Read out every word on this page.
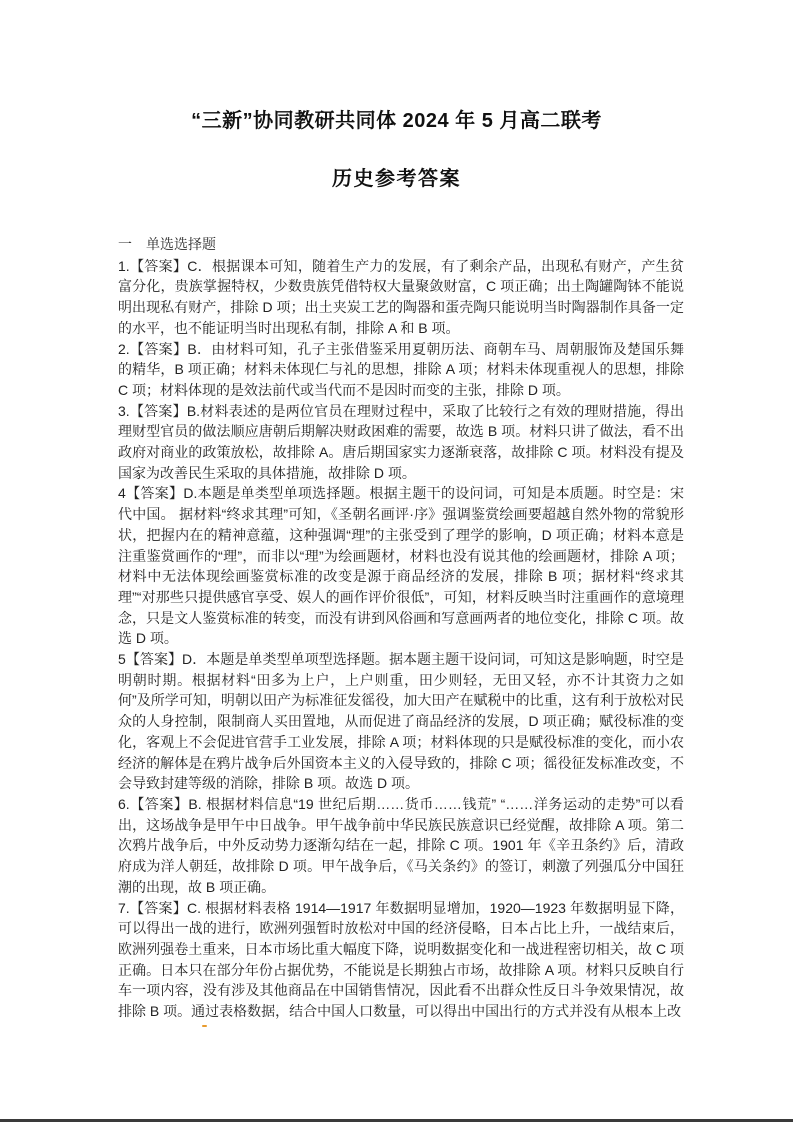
“三新”协同教研共同体 2024 年 5 月高二联考
历史参考答案
一　单选选择题

1.【答案】C．根据课本可知，随着生产力的发展，有了剩余产品，出现私有财产，产生贫富分化，贵族掌握特权，少数贵族凭借特权大量聚敛财富，C 项正确；出土陶罐陶钵不能说明出现私有财产，排除 D 项；出土夹炭工艺的陶器和蛋壳陶只能说明当时陶器制作具备一定的水平，也不能证明当时出现私有制，排除 A 和 B 项。

2.【答案】B．由材料可知，孔子主张借鉴采用夏朝历法、商朝车马、周朝服饰及楚国乐舞的精华，B 项正确；材料未体现仁与礼的思想，排除 A 项；材料未体现重视人的思想，排除 C 项；材料体现的是效法前代或当代而不是因时而变的主张，排除 D 项。

3.【答案】B.材料表述的是两位官员在理财过程中，采取了比较行之有效的理财措施，得出理财型官员的做法顺应唐朝后期解决财政困难的需要，故选 B 项。材料只讲了做法，看不出政府对商业的政策放松，故排除 A。唐后期国家实力逐渐衰落，故排除 C 项。材料没有提及国家为改善民生采取的具体措施，故排除 D 项。

4【答案】D.本题是单类型单项选择题。根据主题干的设问词，可知是本质题。时空是：宋代中国。 据材料“终求其理”可知，《圣朝名画评·序》强调鉴赏绘画要超越自然外物的常貌形状，把握内在的精神意蕴，这种强调“理”的主张受到了理学的影响，D 项正确；材料本意是注重鉴赏画作的“理”，而非以“理”为绘画题材，材料也没有说其他的绘画题材，排除 A 项；材料中无法体现绘画鉴赏标准的改变是源于商品经济的发展，排除 B 项；据材料“终求其理”“对那些只提供感官享受、娱人的画作评价很低”，可知，材料反映当时注重画作的意境理念，只是文人鉴赏标准的转变，而没有讲到风俗画和写意画两者的地位变化，排除 C 项。故选 D 项。

5【答案】D．本题是单类型单项型选择题。据本题主题干设问词，可知这是影响题，时空是明朝时期。根据材料“田多为上户，上户则重，田少则轻，无田又轻，亦不计其资力之如何”及所学可知，明朝以田产为标准征发徭役，加大田产在赋税中的比重，这有利于放松对民众的人身控制，限制商人买田置地，从而促进了商品经济的发展，D 项正确；赋役标准的变化，客观上不会促进官营手工业发展，排除 A 项；材料体现的只是赋役标准的变化，而小农经济的解体是在鸦片战争后外国资本主义的入侵导致的，排除 C 项；徭役征发标准改变，不会导致封建等级的消除，排除 B 项。故选 D 项。

6.【答案】B. 根据材料信息“19 世纪后期……货币……钱荒” “……洋务运动的走势”可以看出，这场战争是甲午中日战争。甲午战争前中华民族民族意识已经觉醒，故排除 A 项。第二次鸦片战争后，中外反动势力逐渐勾结在一起，排除 C 项。1901 年《辛丑条约》后，清政府成为洋人朝廷，故排除 D 项。甲午战争后，《马关条约》的签订，刺激了列强瓜分中国狂潮的出现，故 B 项正确。

7.【答案】C. 根据材料表格 1914—1917 年数据明显增加，1920—1923 年数据明显下降，可以得出一战的进行，欧洲列强暂时放松对中国的经济侵略，日本占比上升，一战结束后，欧洲列强卷土重来，日本市场比重大幅度下降，说明数据变化和一战进程密切相关，故 C 项正确。日本只在部分年份占据优势，不能说是长期独占市场，故排除 A 项。材料只反映自行车一项内容，没有涉及其他商品在中国销售情况，因此看不出群众性反日斗争效果情况，故排除 B 项。通过表格数据，结合中国人口数量，可以得出中国出行的方式并没有从根本上改
